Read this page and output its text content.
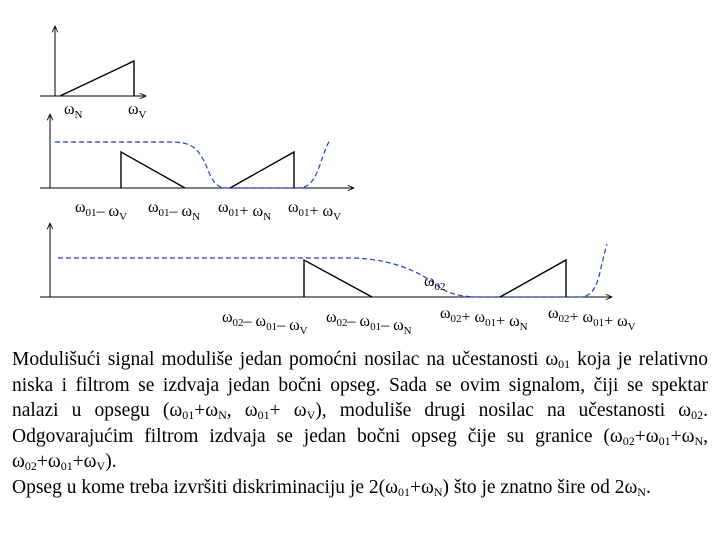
$\omega_N$	$\omega_V$
$\omega_{01}-$ $\omega_V$
$\omega_{01}-$ $\omega_N$
$\omega_{01}+ \omega_N$
$\omega_{01}+ \omega_V$
$\omega_{02}$
$\omega_{02}-$ $\omega_{01}-$ $\omega_V$
$\omega_{02}-$ $\omega_{01}-$ $\omega_N$
$\omega_{02}+ \omega_{01}+ \omega_N$
$\omega_{02}+ \omega_{01}+ \omega_V$

Modulišući signal moduliše jedan pomoćni nosilac na učestanosti $\omega_{01}$ koja je relativno niska i filtrom se izdvaja jedan bočni opseg. Sada se ovim signalom, čiji se spektar nalazi u opsegu ($\omega_{01}+\omega_N$, $\omega_{01}+ \omega_V$), moduliše drugi nosilac na učestanosti $\omega_{02}$. Odgovarajućim filtrom izdvaja se jedan bočni opseg čije su granice ($\omega_{02}+\omega_{01}+\omega_N$, $\omega_{02}+\omega_{01}+\omega_V$).

Opseg u kome treba izvršiti diskriminaciju je $2(\omega_{01}+\omega_N)$ što je znatno šire od $2\omega_N$.
